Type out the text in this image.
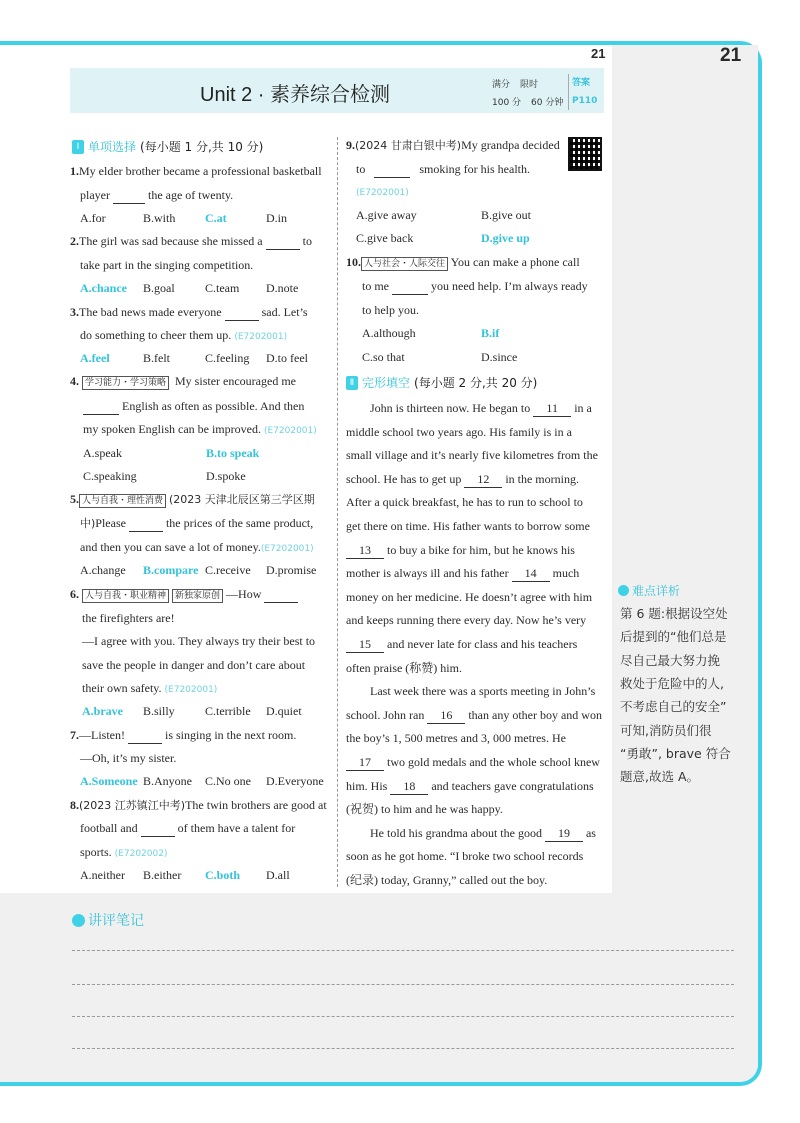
21	21
Unit 2 · 素养综合检测	满分 限时
100 分 60 分钟
答案
P110
Ⅰ 单项选择 (每小题 1 分,共 10 分)
1.My elder brother became a professional basketball
player	the age of twenty.
A.for	B.with C.at	D.in
2.The girl was sad because she missed a	to
take part in the singing competition.
A.chance B.goal	C.team D.note
3.The bad news made everyone	sad. Let’s
do something to cheer them up. (E7202001)
A.feel	B.felt	C.feeling D.to feel
4. 学习能力・学习策略 My sister encouraged me
English as often as possible. And then
my spoken English can be improved. (E7202001)
A.speak	B.to speak
C.speaking	D.spoke
5. 人与自我・理性消费 (2023 天津北辰区第三学区期
中)Please	the prices of the same product,
and then you can save a lot of money.(E7202001)
A.change B.compare C.receive D.promise
6. 人与自我・职业精神 新独家原创 —How
the firefighters are!
—I agree with you. They always try their best to
save the people in danger and don’t care about
their own safety. (E7202001)
A.brave B.silly	C.terrible D.quiet
7.—Listen!	is singing in the next room.
—Oh, it’s my sister.
A.Someone B.Anyone C.No one D.Everyone
8.(2023 江苏镇江中考)The twin brothers are good at
football and	of them have a talent for
sports. (E7202002)
A.neither B.either C.both D.all
9.(2024 甘肃白银中考)My grandpa decided
to	smoking for his health.
(E7202001)
A.give away	B.give out
C.give back	D.give up
10. 人与社会・人际交往 You can make a phone call
to me	you need help. I’m always ready
to help you.
A.although	B.if
C.so that	D.since
Ⅱ 完形填空 (每小题 2 分,共 20 分)
John is thirteen now. He began to 11 in a
middle school two years ago. His family is in a
small village and it’s nearly five kilometres from the
school. He has to get up 12 in the morning.
After a quick breakfast, he has to run to school to
get there on time. His father wants to borrow some
13 to buy a bike for him, but he knows his
mother is always ill and his father 14 much
money on her medicine. He doesn’t agree with him
and keeps running there every day. Now he’s very
15 and never late for class and his teachers
often praise (称赞) him.
Last week there was a sports meeting in John’s
school. John ran 16 than any other boy and won
the boy’s 1, 500 metres and 3, 000 metres. He
17 two gold medals and the whole school knew
him. His 18 and teachers gave congratulations
(祝贺) to him and he was happy.
He told his grandma about the good 19 as
soon as he got home. “I broke two school records
(纪录) today, Granny,” called out the boy.
难点详析
第 6 题:根据设空处
后提到的“他们总是
尽自己最大努力挽
救处于危险中的人,
不考虑自己的安全”
可知,消防员们很
“勇敢”, brave 符合
题意,故选 A。
讲评笔记
